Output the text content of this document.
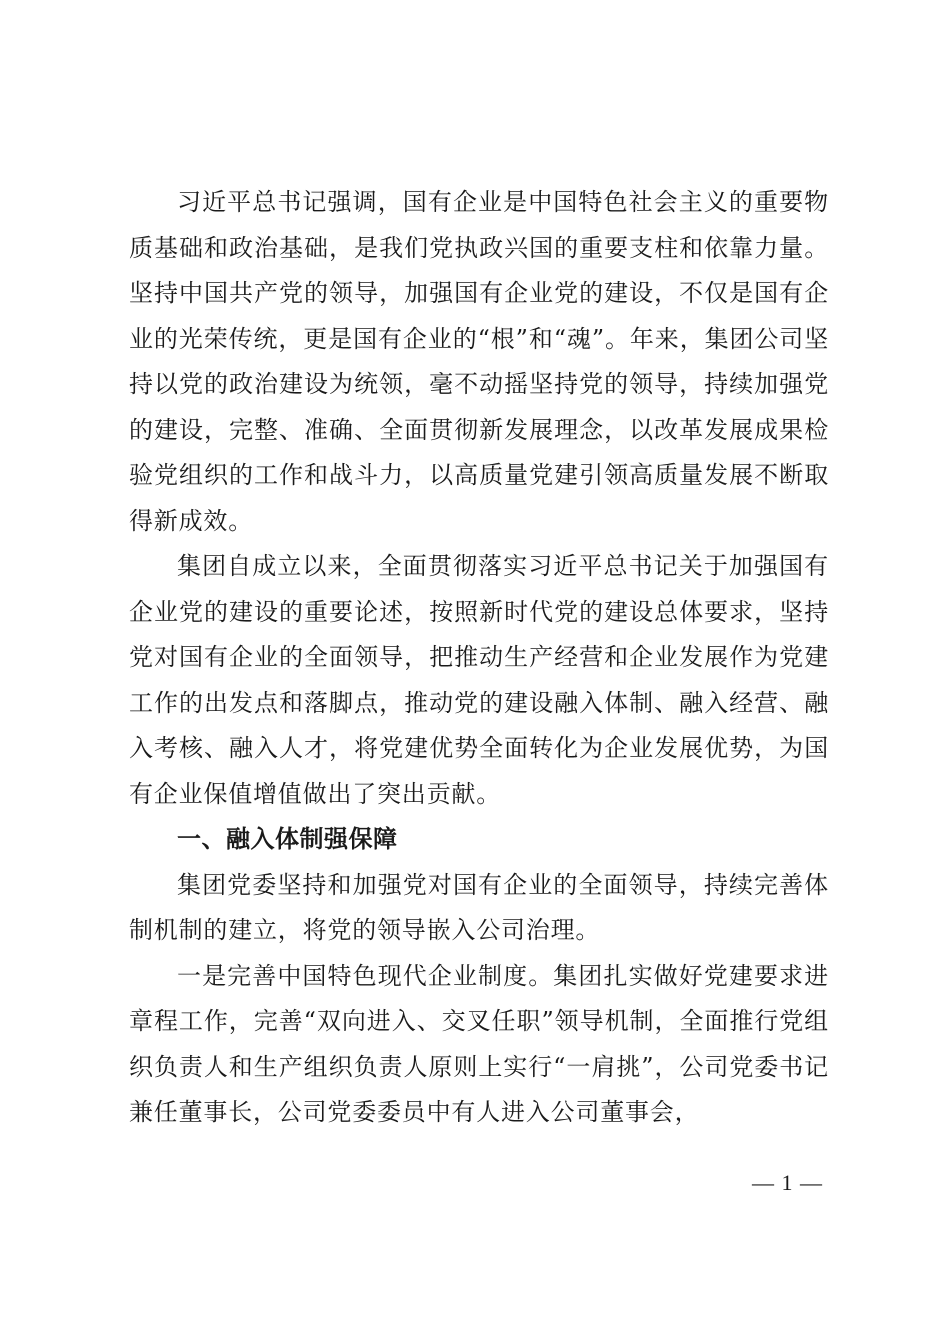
习近平总书记强调，国有企业是中国特色社会主义的重要物质基础和政治基础，是我们党执政兴国的重要支柱和依靠力量。坚持中国共产党的领导，加强国有企业党的建设，不仅是国有企业的光荣传统，更是国有企业的“根”和“魂”。年来，集团公司坚持以党的政治建设为统领，毫不动摇坚持党的领导，持续加强党的建设，完整、准确、全面贯彻新发展理念，以改革发展成果检验党组织的工作和战斗力，以高质量党建引领高质量发展不断取得新成效。

集团自成立以来，全面贯彻落实习近平总书记关于加强国有企业党的建设的重要论述，按照新时代党的建设总体要求，坚持党对国有企业的全面领导，把推动生产经营和企业发展作为党建工作的出发点和落脚点，推动党的建设融入体制、融入经营、融入考核、融入人才，将党建优势全面转化为企业发展优势，为国有企业保值增值做出了突出贡献。

一、融入体制强保障

集团党委坚持和加强党对国有企业的全面领导，持续完善体制机制的建立，将党的领导嵌入公司治理。

一是完善中国特色现代企业制度。集团扎实做好党建要求进章程工作，完善“双向进入、交叉任职”领导机制，全面推行党组织负责人和生产组织负责人原则上实行“一肩挑”，公司党委书记兼任董事长，公司党委委员中有人进入公司董事会，

— 1 —
